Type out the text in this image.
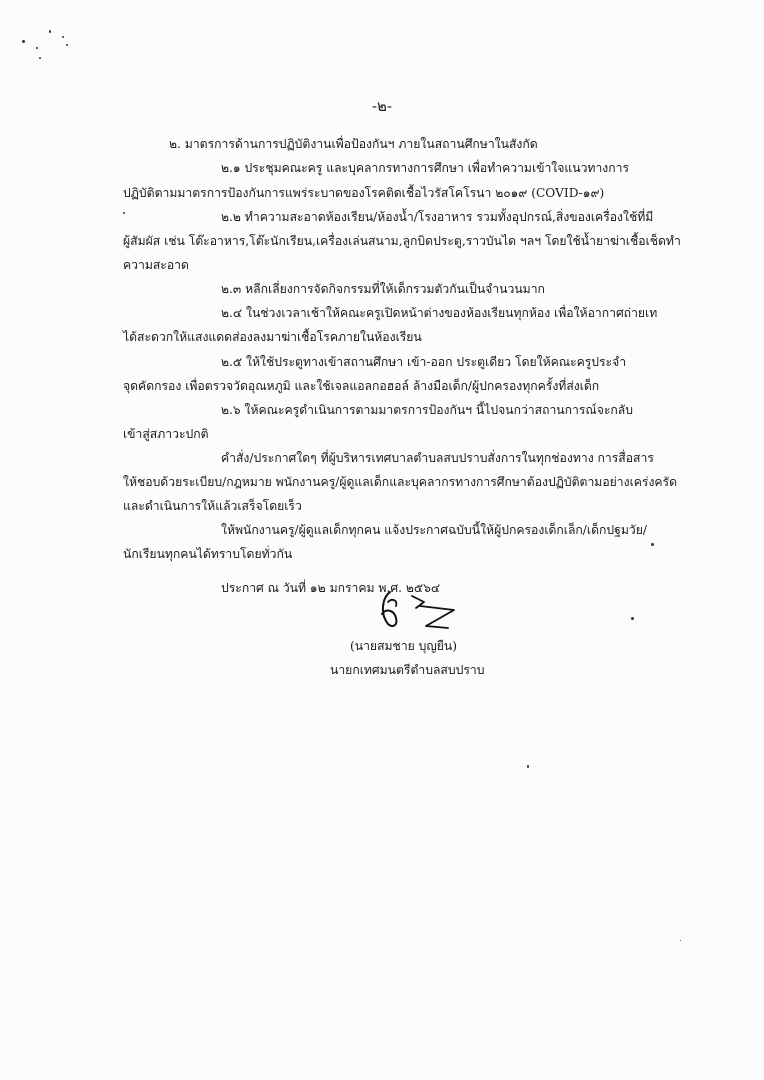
-๒-
๒. มาตรการด้านการปฏิบัติงานเพื่อป้องกันฯ ภายในสถานศึกษาในสังกัด
๒.๑ ประชุมคณะครู และบุคลากรทางการศึกษา เพื่อทำความเข้าใจแนวทางการ
ปฏิบัติตามมาตรการป้องกันการแพร่ระบาดของโรคติดเชื้อไวรัสโคโรนา ๒๐๑๙ (COVID-๑๙)
๒.๒ ทำความสะอาดห้องเรียน/ห้องน้ำ/โรงอาหาร รวมทั้งอุปกรณ์,สิ่งของเครื่องใช้ที่มี
ผู้สัมผัส เช่น โต๊ะอาหาร,โต๊ะนักเรียน,เครื่องเล่นสนาม,ลูกบิดประตู,ราวบันได ฯลฯ โดยใช้น้ำยาฆ่าเชื้อเช็ดทำ
ความสะอาด
๒.๓ หลีกเลี่ยงการจัดกิจกรรมที่ให้เด็กรวมตัวกันเป็นจำนวนมาก
๒.๔ ในช่วงเวลาเช้าให้คณะครูเปิดหน้าต่างของห้องเรียนทุกห้อง เพื่อให้อากาศถ่ายเท
ได้สะดวกให้แสงแดดส่องลงมาฆ่าเชื้อโรคภายในห้องเรียน
๒.๕ ให้ใช้ประตูทางเข้าสถานศึกษา เข้า-ออก ประตูเดียว โดยให้คณะครูประจำ
จุดคัดกรอง เพื่อตรวจวัดอุณหภูมิ และใช้เจลแอลกอฮอล์ ล้างมือเด็ก/ผู้ปกครองทุกครั้งที่ส่งเด็ก
๒.๖ ให้คณะครูดำเนินการตามมาตรการป้องกันฯ นี้ไปจนกว่าสถานการณ์จะกลับ
เข้าสู่สภาวะปกติ
คำสั่ง/ประกาศใดๆ ที่ผู้บริหารเทศบาลตำบลสบปราบสั่งการในทุกช่องทาง การสื่อสาร
ให้ชอบด้วยระเบียบ/กฎหมาย พนักงานครู/ผู้ดูแลเด็กและบุคลากรทางการศึกษาต้องปฏิบัติตามอย่างเคร่งครัด
และดำเนินการให้แล้วเสร็จโดยเร็ว
ให้พนักงานครู/ผู้ดูแลเด็กทุกคน แจ้งประกาศฉบับนี้ให้ผู้ปกครองเด็กเล็ก/เด็กปฐมวัย/
นักเรียนทุกคนได้ทราบโดยทั่วกัน
ประกาศ ณ วันที่ ๑๒ มกราคม พ.ศ. ๒๕๖๔
(นายสมชาย บุญยืน)
นายกเทศมนตรีตำบลสบปราบ
